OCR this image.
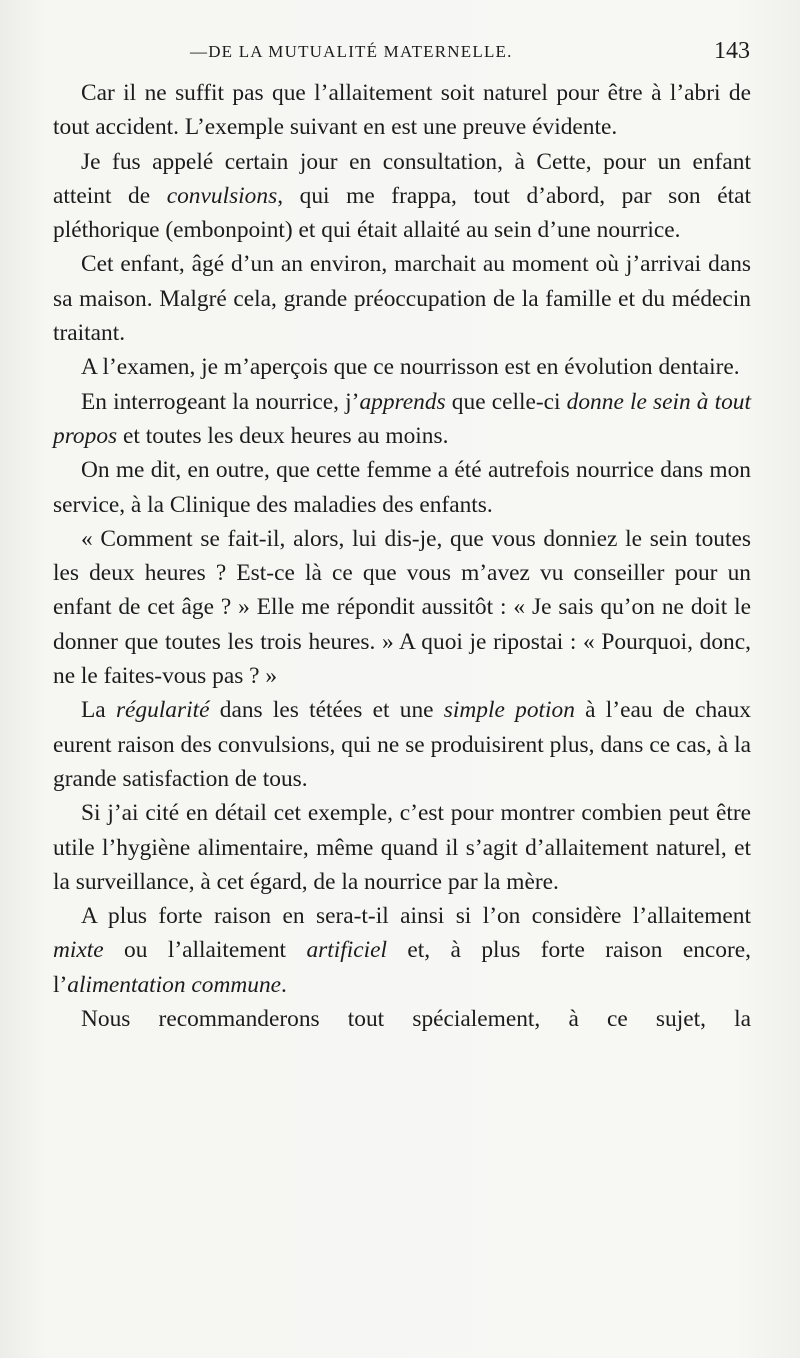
—DE LA MUTUALITÉ MATERNELLE.	143

Car il ne suffit pas que l’allaitement soit naturel pour être à l’abri de tout accident. L’exemple suivant en est une preuve évidente.

Je fus appelé certain jour en consultation, à Cette, pour un enfant atteint de convulsions, qui me frappa, tout d’abord, par son état pléthorique (embonpoint) et qui était allaité au sein d’une nourrice.

Cet enfant, âgé d’un an environ, marchait au moment où j’arrivai dans sa maison. Malgré cela, grande préoccupation de la famille et du médecin traitant.

A l’examen, je m’aperçois que ce nourrisson est en évolution dentaire.

En interrogeant la nourrice, j’apprends que celle-ci donne le sein à tout propos et toutes les deux heures au moins.

On me dit, en outre, que cette femme a été autrefois nourrice dans mon service, à la Clinique des maladies des enfants.

« Comment se fait-il, alors, lui dis-je, que vous donniez le sein toutes les deux heures ? Est-ce là ce que vous m’avez vu conseiller pour un enfant de cet âge ? » Elle me répondit aussitôt : « Je sais qu’on ne doit le donner que toutes les trois heures. » A quoi je ripostai : « Pourquoi, donc, ne le faites-vous pas ? »

La régularité dans les tétées et une simple potion à l’eau de chaux eurent raison des convulsions, qui ne se produisirent plus, dans ce cas, à la grande satisfaction de tous.

Si j’ai cité en détail cet exemple, c’est pour montrer combien peut être utile l’hygiène alimentaire, même quand il s’agit d’allaitement naturel, et la surveillance, à cet égard, de la nourrice par la mère.

A plus forte raison en sera-t-il ainsi si l’on considère l’allaitement mixte ou l’allaitement artificiel et, à plus forte raison encore, l’alimentation commune.

Nous recommanderons tout spécialement, à ce sujet, la
